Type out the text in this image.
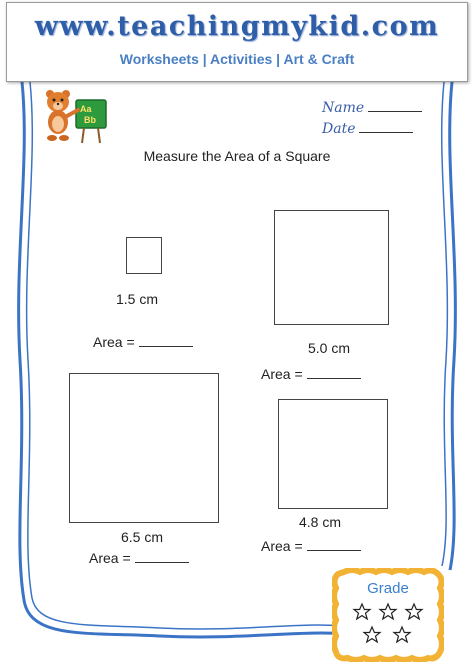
www.teachingmykid.com
Worksheets | Activities | Art & Craft
Aa
Bb
Name
Date
Measure the Area of a Square
1.5 cm
Area =	5.0 cm
Area =
6.5 cm
Area =
4.8 cm
Area =
Grade
